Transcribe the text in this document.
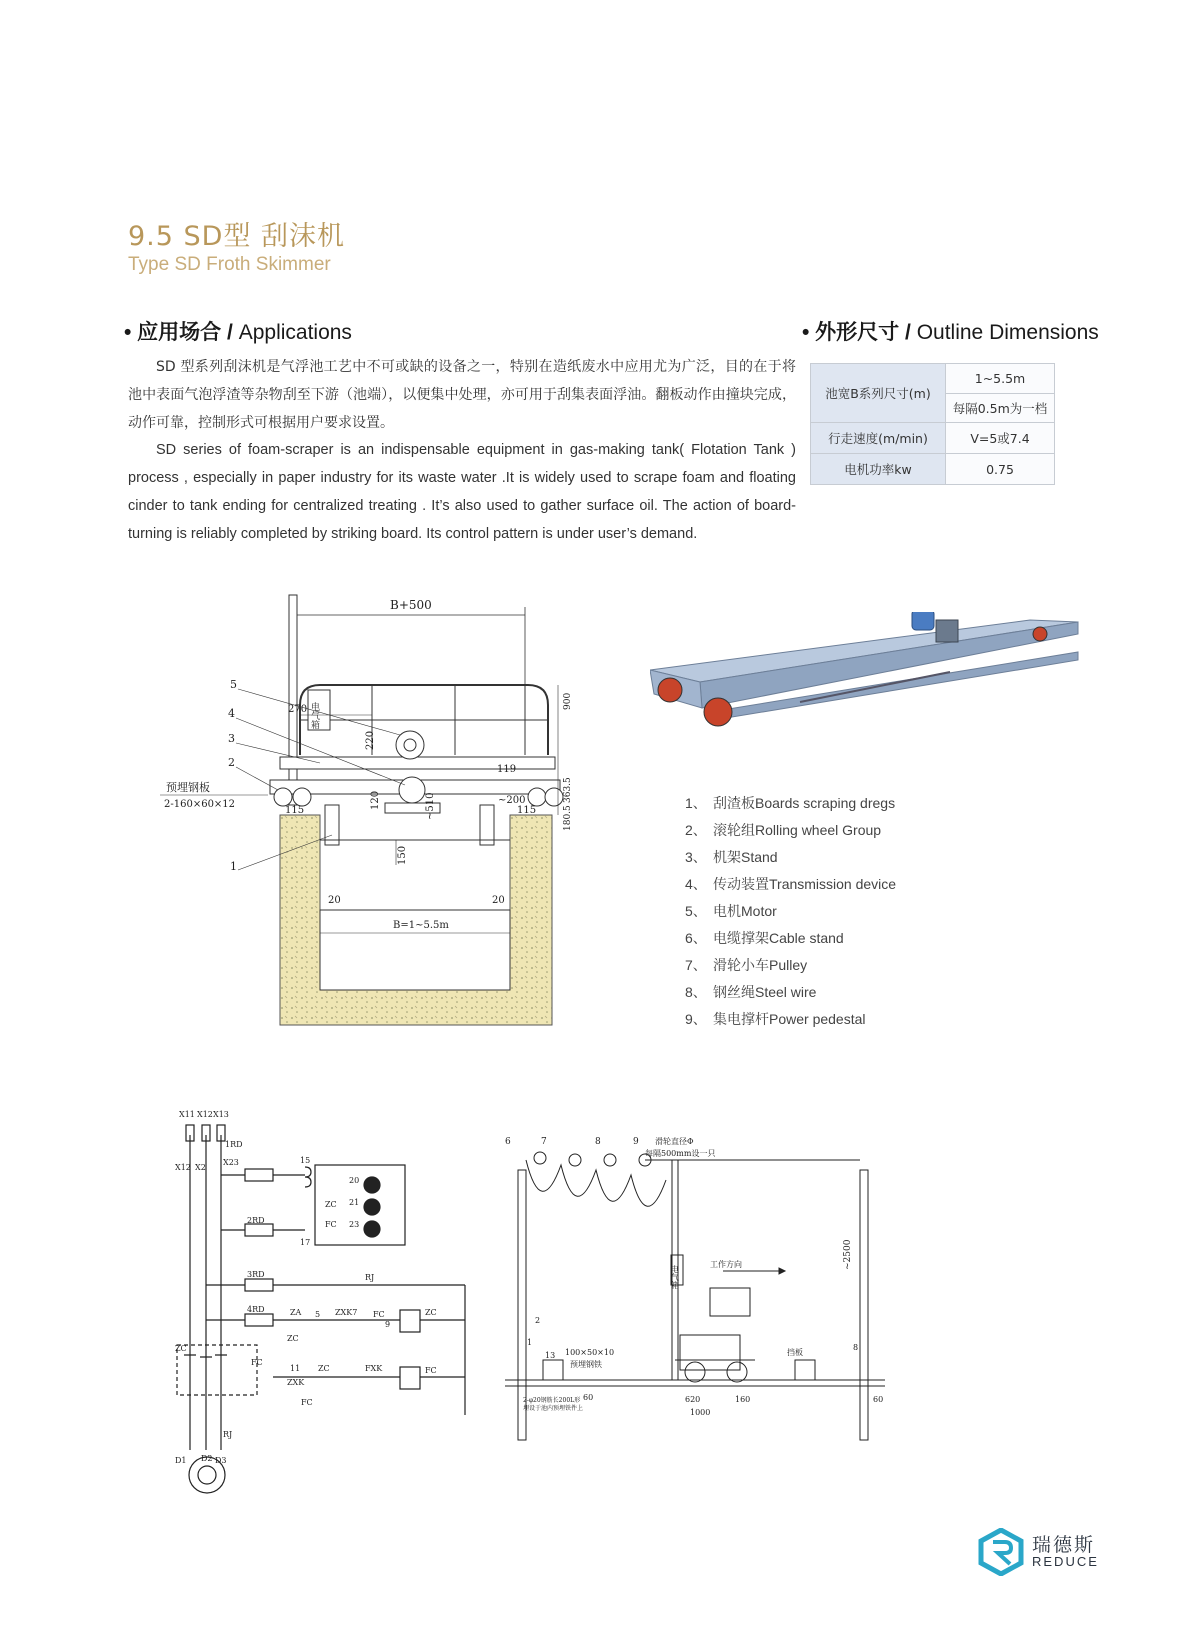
9.5 SD型 刮沫机
Type SD Froth Skimmer
• 应用场合 / Applications	• 外形尺寸 / Outline Dimensions
SD 型系列刮沫机是气浮池工艺中不可或缺的设备之一，特别在造纸废水中应用尤为广泛，目的在于将池中表面气泡浮渣等杂物刮至下游（池端），以便集中处理，亦可用于刮集表面浮油。翻板动作由撞块完成，动作可靠，控制形式可根据用户要求设置。
SD series of foam-scraper is an indispensable equipment in gas-making tank( Flotation Tank ) process , especially in paper industry for its waste water .It is widely used to scrape foam and floating cinder to tank ending for centralized treating . It’s also used to gather surface oil. The action of board-turning is reliably completed by striking board. Its control pattern is under user’s demand.
池宽B系列尺寸(m)	1~5.5m
	每隔0.5m为一档
行走速度(m/min)	V=5或7.4
电机功率kw	0.75
电气箱
B+500
270
220
119
900
363.5
180.5
115	115
120	~510	~200
150
20	20
B=1~5.5m
5
4
3
2
预埋钢板
2-160×60×12
1
1、 刮渣板Boards scraping dregs
2、 滚轮组Rolling wheel Group
3、 机架Stand
4、 传动装置Transmission device
5、 电机Motor
6、 电缆撑架Cable stand
7、 滑轮小车Pulley
8、 钢丝绳Steel wire
9、 集电撑杆Power pedestal
X11 X12 X13
X12 X2
X23
1RD
2RD
3RD
4RD
15
17
20
21
23
ZC
FC
RJ
ZA 5 ZXK7 FC
9
ZC
ZC
11
ZXK
ZC	FXK	FC
FC
ZC
FC
RJ
D1 D2 D3
6	7	8	9 滑轮直径Φ
每隔500mm设一只
工作方向
电气箱
~2500
1
2
8
13 100×50×10
预埋钢铁
挡板
2-φ20钢筋长200L形
埋设于池内预埋铁件上
620
1000
160
60	60
瑞德斯
REDUCE
